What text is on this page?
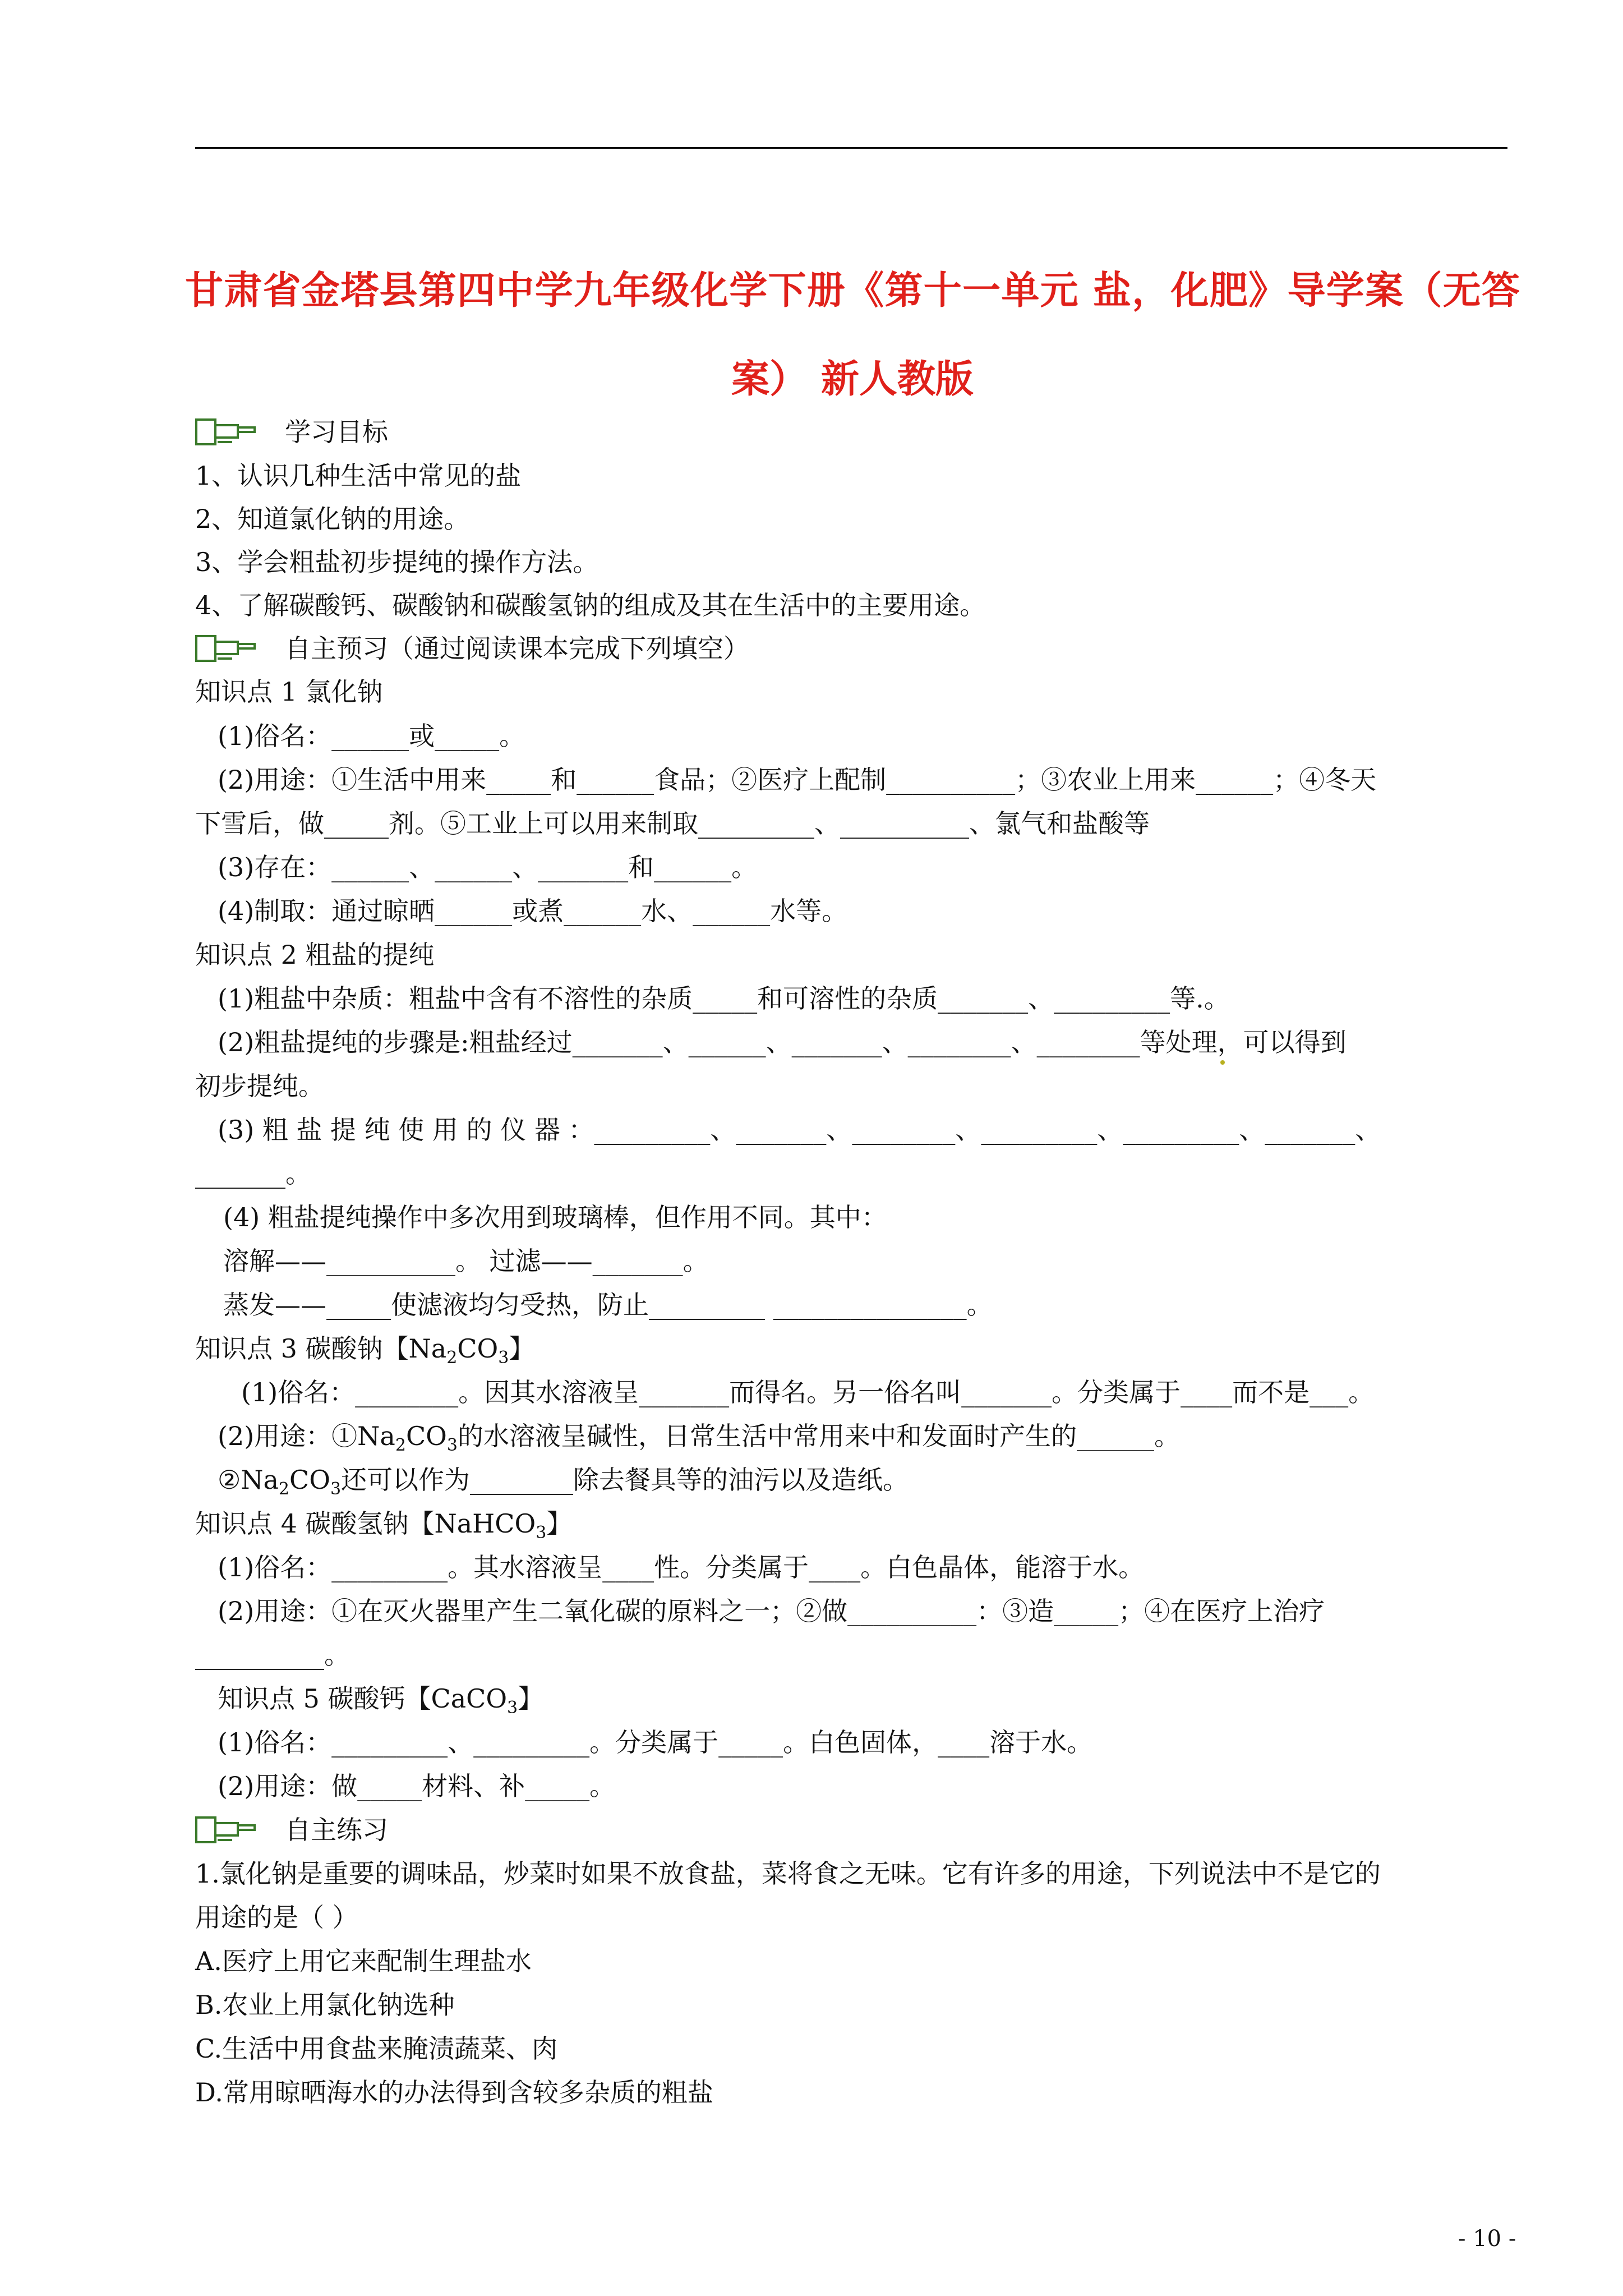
甘肃省金塔县第四中学九年级化学下册《第十一单元 盐，化肥》导学案（无答
案） 新人教版
学习目标
1、认识几种生活中常见的盐
2、知道氯化钠的用途。
3、学会粗盐初步提纯的操作方法。
4、了解碳酸钙、碳酸钠和碳酸氢钠的组成及其在生活中的主要用途。
自主预习（通过阅读课本完成下列填空）
知识点 1 氯化钠
(1)俗名：______或_____。
(2)用途：①生活中用来_____和______食品；②医疗上配制__________；③农业上用来______；④冬天
下雪后，做_____剂。⑤工业上可以用来制取_________、__________、氯气和盐酸等
(3)存在：______、______、_______和______。
(4)制取：通过晾晒______或煮______水、______水等。
知识点 2 粗盐的提纯
(1)粗盐中杂质：粗盐中含有不溶性的杂质_____和可溶性的杂质_______、_________等.。
(2)粗盐提纯的步骤是:粗盐经过_______、______、_______、________、________等处理，可以得到
初步提纯。
(3) 粗 盐 提 纯 使 用 的 仪 器 ：_________、_______、________、_________、_________、_______、
_______。
(4) 粗盐提纯操作中多次用到玻璃棒，但作用不同。其中：
溶解——__________。 过滤——_______。
蒸发——_____使滤液均匀受热，防止_________ _______________。
知识点 3 碳酸钠【$Na_2CO_3$】
(1)俗名：________。因其水溶液呈_______而得名。另一俗名叫_______。分类属于____而不是___。
(2)用途：$①Na_2CO_3$的水溶液呈碱性，日常生活中常用来中和发面时产生的______。
$②Na_2CO_3$还可以作为________除去餐具等的油污以及造纸。
知识点 4 碳酸氢钠【NaHCO$_3$】
(1)俗名：_________。其水溶液呈____性。分类属于____。白色晶体，能溶于水。
(2)用途：①在灭火器里产生二氧化碳的原料之一；②做__________：③造_____；④在医疗上治疗
__________。
知识点 5 碳酸钙【CaCO$_3$】
(1)俗名：_________、_________。分类属于_____。白色固体，____溶于水。
(2)用途：做_____材料、补_____。
自主练习
1.氯化钠是重要的调味品，炒菜时如果不放食盐，菜将食之无味。它有许多的用途，下列说法中不是它的
用途的是（ ）
A.医疗上用它来配制生理盐水
B.农业上用氯化钠选种
C.生活中用食盐来腌渍蔬菜、肉
D.常用晾晒海水的办法得到含较多杂质的粗盐
- 10 -
